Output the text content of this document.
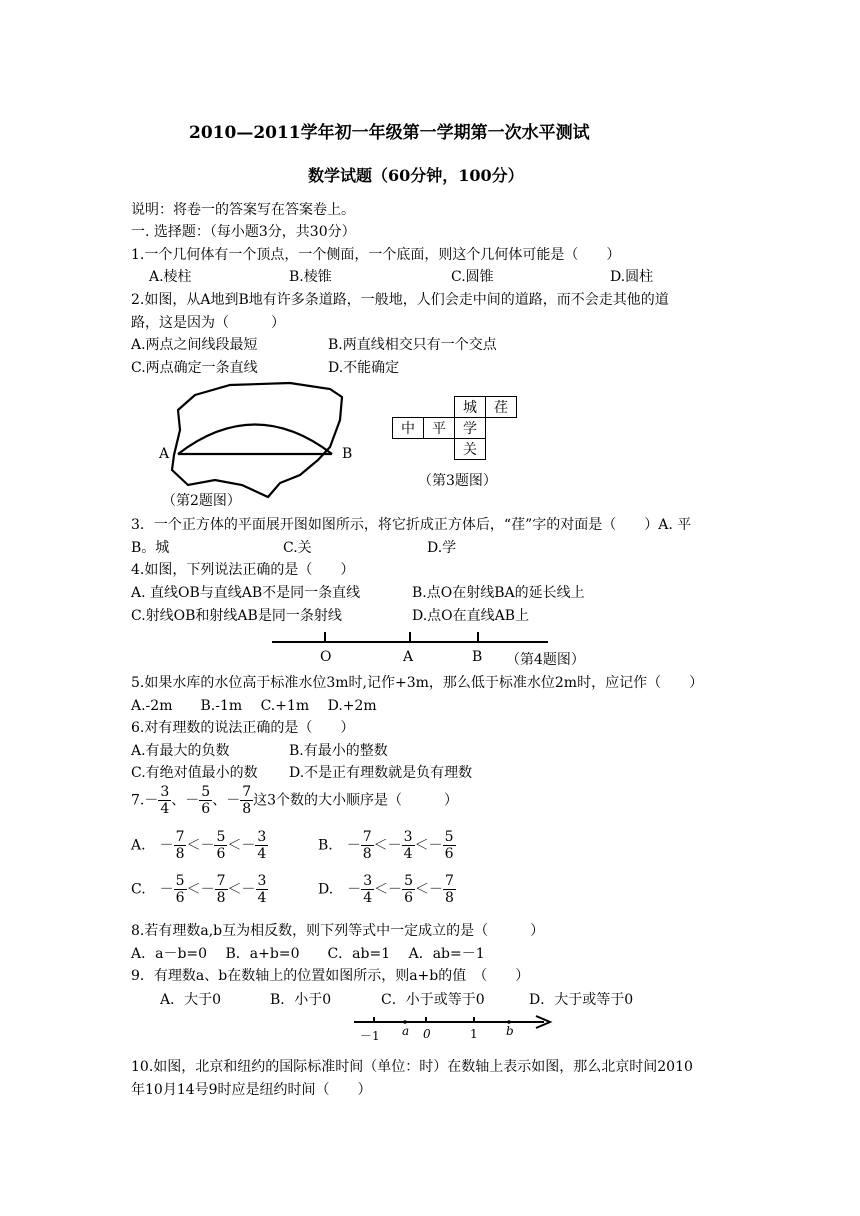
2010—2011学年初一年级第一学期第一次水平测试
数学试题（60分钟，100分）
说明：将卷一的答案写在答案卷上。
一. 选择题：（每小题3分，共30分）
1.一个几何体有一个顶点，一个侧面，一个底面，则这个几何体可能是（　　）
A.棱柱	B.棱锥	C.圆锥	D.圆柱
2.如图，从A地到B地有许多条道路，一般地，人们会走中间的道路，而不会走其他的道
路，这是因为（　　　）
A.两点之间线段最短	B.两直线相交只有一个交点
C.两点确定一条直线	D.不能确定
A	B
（第2题图）
		城	荏
中	平	学	
		关	
（第3题图）
3．一个正方体的平面展开图如图所示，将它折成正方体后，“荏”字的对面是（　　）A. 平
B。城	C.关	D.学
4.如图，下列说法正确的是（　　）
A. 直线OB与直线AB不是同一条直线	B.点O在射线BA的延长线上
C.射线OB和射线AB是同一条射线	D.点O在直线AB上
O	A	B （第4题图）
5.如果水库的水位高于标准水位3m时,记作+3m，那么低于标准水位2m时，应记作（　　）
A.-2m　　B.-1m　 C.+1m　 D.+2m
6.对有理数的说法正确的是（　　）
A.有最大的负数	B.有最小的整数
C.有绝对值最小的数 D.不是正有理数就是负有理数
$7.- \frac{3}{4}$ 、－ $\frac{5}{6}$ 、－ $\frac{7}{8}$ 这3个数的大小顺序是（　　　）
A.　－ $\frac{7}{8} <- \frac{5}{6} <- \frac{3}{4}$	B.　－ $\frac{7}{8} <- \frac{3}{4} <- \frac{5}{6}$
C.　－ $\frac{5}{6} <- \frac{7}{8} <- \frac{3}{4}$	D.　－ $\frac{3}{4} <- \frac{5}{6} <- \frac{7}{8}$
8.若有理数a,b互为相反数，则下列等式中一定成立的是（　　　）
A．a－b=0　 B．a+b=0　　C．ab=1　 A．ab=－1
9．有理数a、b在数轴上的位置如图所示，则a+b的值　（　　）
A．大于0	B．小于0	C．小于或等于0	D．大于或等于0
－1 a 0	1 b
10.如图，北京和纽约的国际标准时间（单位：时）在数轴上表示如图，那么北京时间2010
年10月14号9时应是纽约时间（　　）
